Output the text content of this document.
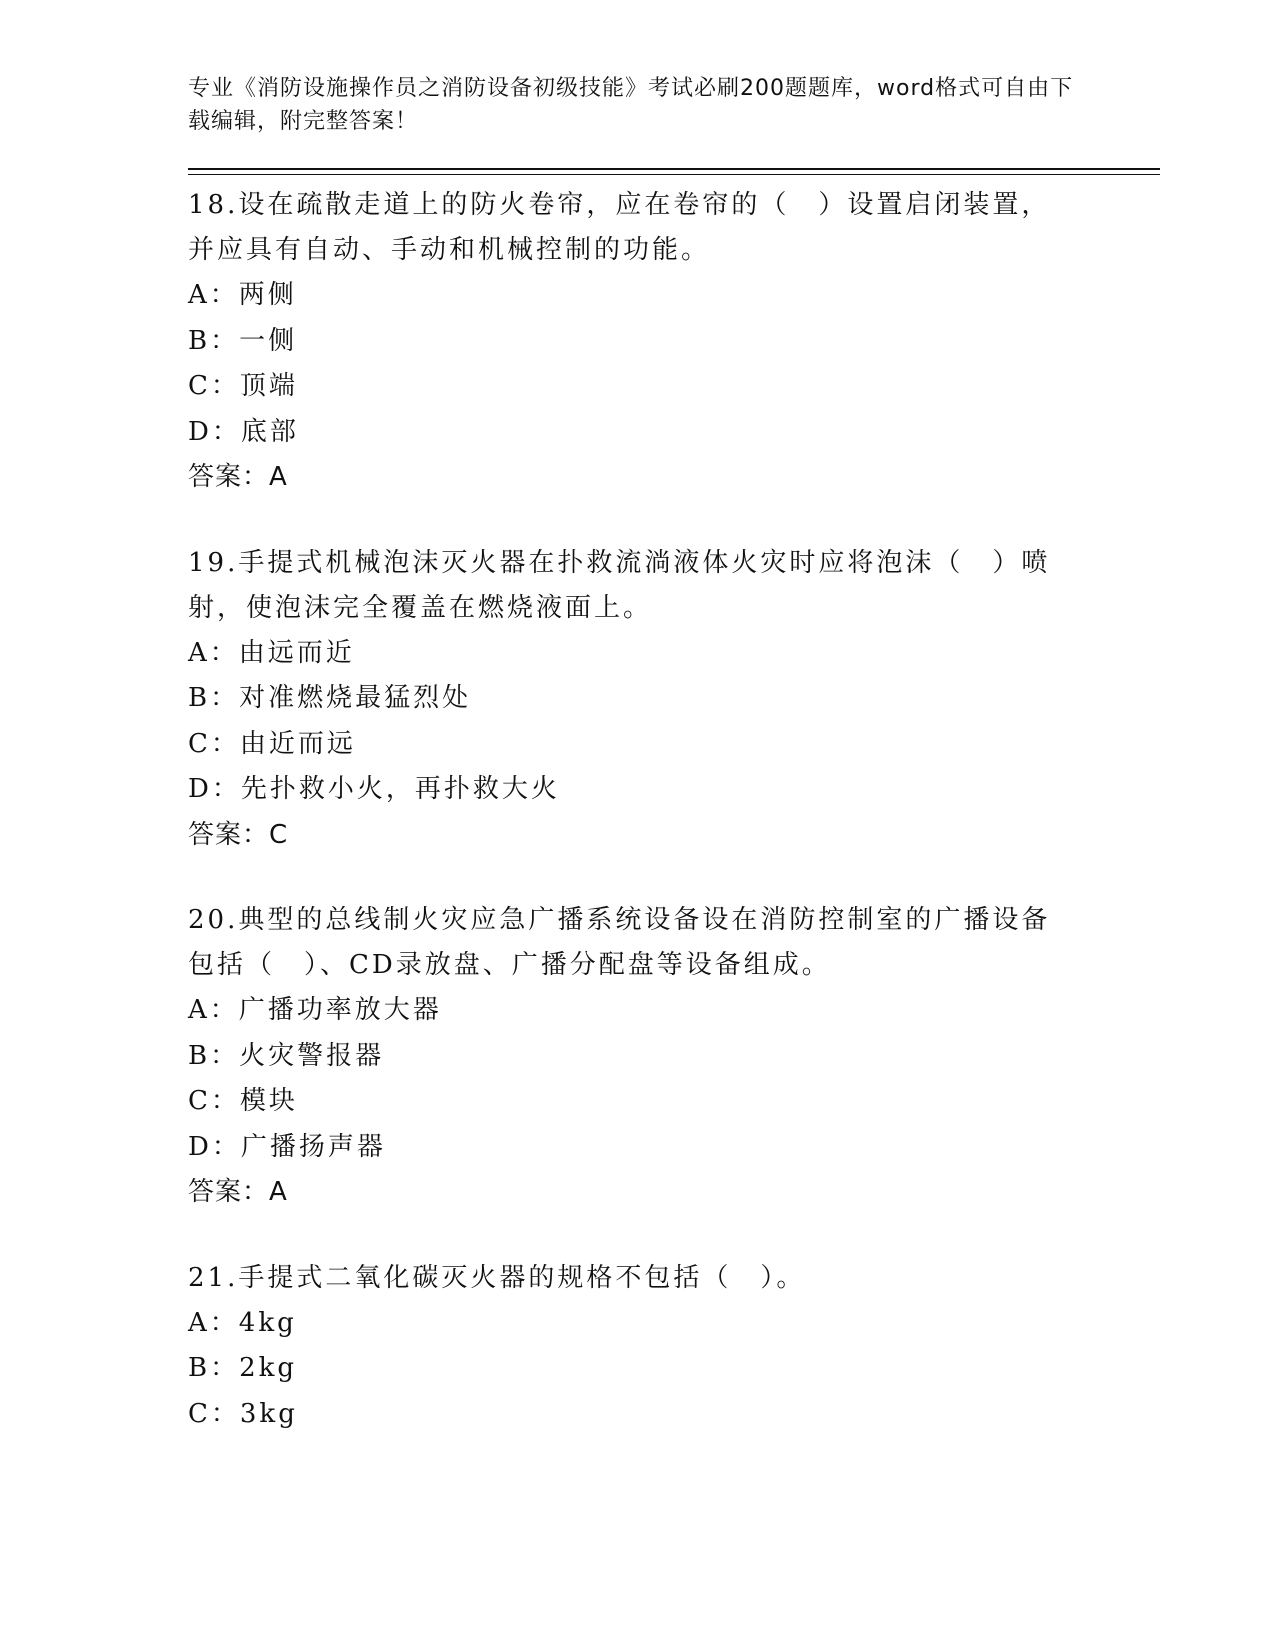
专业《消防设施操作员之消防设备初级技能》考试必刷200题题库，word格式可自由下载编辑，附完整答案！

18.设在疏散走道上的防火卷帘，应在卷帘的（　）设置启闭装置，并应具有自动、手动和机械控制的功能。

A：两侧

B：一侧

C：顶端

D：底部

答案：A

19.手提式机械泡沫灭火器在扑救流淌液体火灾时应将泡沫（　）喷射，使泡沫完全覆盖在燃烧液面上。

A：由远而近

B：对准燃烧最猛烈处

C：由近而远

D：先扑救小火，再扑救大火

答案：C

20.典型的总线制火灾应急广播系统设备设在消防控制室的广播设备包括（　）、CD录放盘、广播分配盘等设备组成。

A：广播功率放大器

B：火灾警报器

C：模块

D：广播扬声器

答案：A

21.手提式二氧化碳灭火器的规格不包括（　）。

A：4kg

B：2kg

C：3kg
